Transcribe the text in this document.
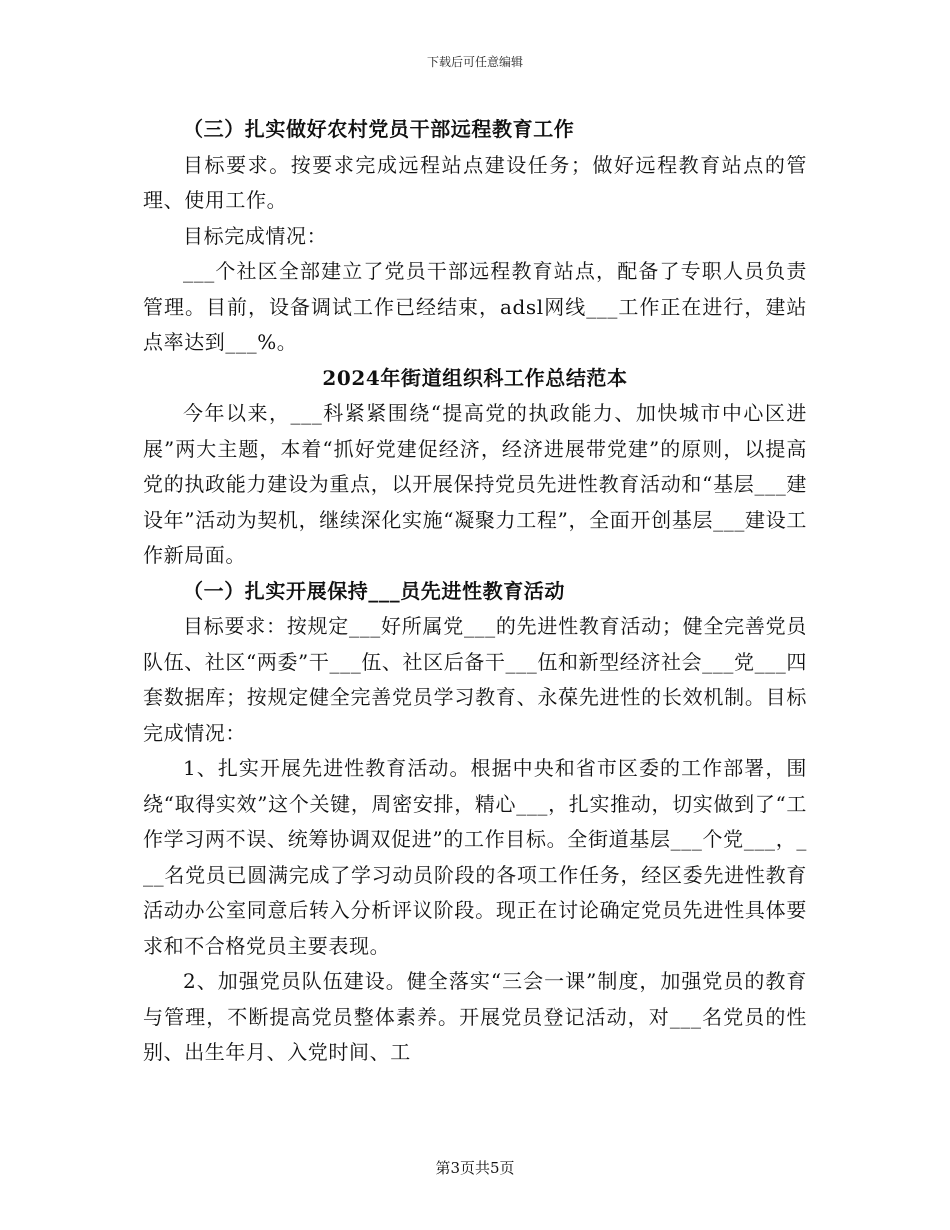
下载后可任意编辑

（三）扎实做好农村党员干部远程教育工作

目标要求。按要求完成远程站点建设任务；做好远程教育站点的管理、使用工作。

目标完成情况：

___个社区全部建立了党员干部远程教育站点，配备了专职人员负责管理。目前，设备调试工作已经结束，adsl网线___工作正在进行，建站点率达到___%。

2024年街道组织科工作总结范本

今年以来，___科紧紧围绕“提高党的执政能力、加快城市中心区进展”两大主题，本着“抓好党建促经济，经济进展带党建”的原则，以提高党的执政能力建设为重点，以开展保持党员先进性教育活动和“基层___建设年”活动为契机，继续深化实施“凝聚力工程”，全面开创基层___建设工作新局面。

（一）扎实开展保持___员先进性教育活动

目标要求：按规定___好所属党___的先进性教育活动；健全完善党员队伍、社区“两委”干___伍、社区后备干___伍和新型经济社会___党___四套数据库；按规定健全完善党员学习教育、永葆先进性的长效机制。目标完成情况：

1、扎实开展先进性教育活动。根据中央和省市区委的工作部署，围绕“取得实效”这个关键，周密安排，精心___，扎实推动，切实做到了“工作学习两不误、统筹协调双促进”的工作目标。全街道基层___个党___，___名党员已圆满完成了学习动员阶段的各项工作任务，经区委先进性教育活动办公室同意后转入分析评议阶段。现正在讨论确定党员先进性具体要求和不合格党员主要表现。

2、加强党员队伍建设。健全落实“三会一课”制度，加强党员的教育与管理，不断提高党员整体素养。开展党员登记活动，对___名党员的性别、出生年月、入党时间、工

第3页共5页
